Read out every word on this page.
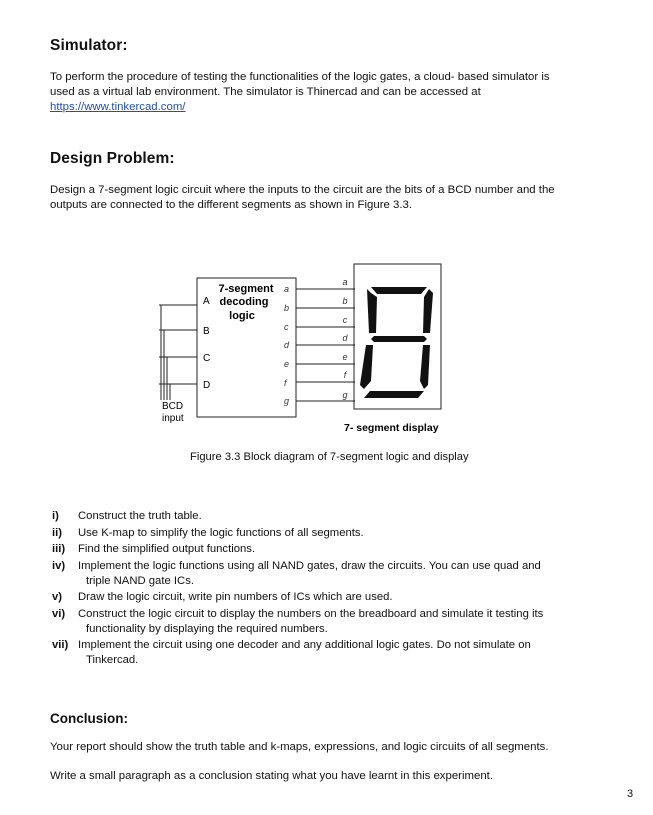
Simulator:
To perform the procedure of testing the functionalities of the logic gates, a cloud- based simulator is
used as a virtual lab environment. The simulator is Thinercad and can be accessed at
https://www.tinkercad.com/
Design Problem:
Design a 7-segment logic circuit where the inputs to the circuit are the bits of a BCD number and the
outputs are connected to the different segments as shown in Figure 3.3.
7-segment
decoding
logic
A
B
C
D
BCD
input
a
b
c
d
e
f
g
a
b
c
d
e
f
g
7- segment display
Figure 3.3 Block diagram of 7-segment logic and display
i)	Construct the truth table.
ii)	Use K-map to simplify the logic functions of all segments.
iii)	Find the simplified output functions.
iv)	Implement the logic functions using all NAND gates, draw the circuits. You can use quad and
triple NAND gate ICs.
v)	Draw the logic circuit, write pin numbers of ICs which are used.
vi)	Construct the logic circuit to display the numbers on the breadboard and simulate it testing its
functionality by displaying the required numbers.
vii) Implement the circuit using one decoder and any additional logic gates. Do not simulate on
Tinkercad.
Conclusion:
Your report should show the truth table and k-maps, expressions, and logic circuits of all segments.
Write a small paragraph as a conclusion stating what you have learnt in this experiment.
3
